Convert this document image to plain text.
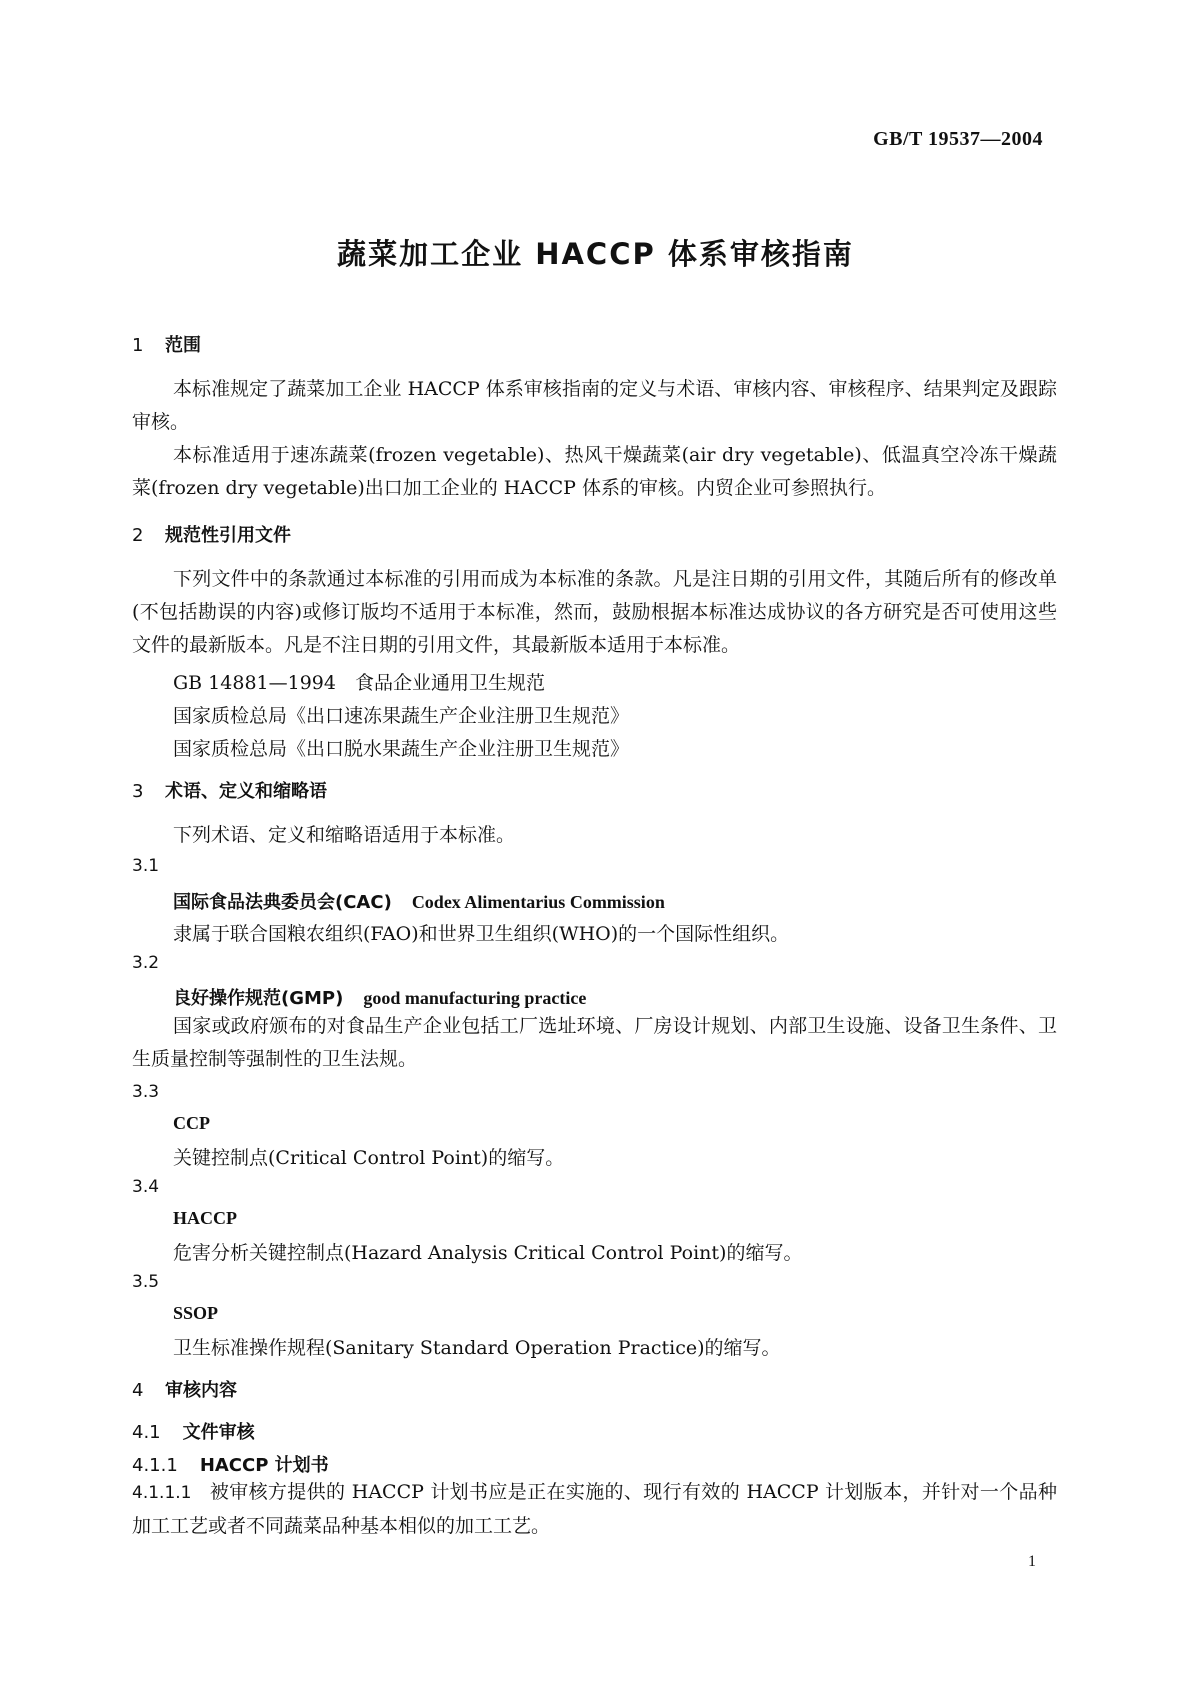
GB/T 19537—2004
蔬菜加工企业 HACCP 体系审核指南
1 范围
本标准规定了蔬菜加工企业 HACCP 体系审核指南的定义与术语、审核内容、审核程序、结果判定及跟踪审核。
本标准适用于速冻蔬菜(frozen vegetable)、热风干燥蔬菜(air dry vegetable)、低温真空冷冻干燥蔬菜(frozen dry vegetable)出口加工企业的 HACCP 体系的审核。内贸企业可参照执行。
2 规范性引用文件
下列文件中的条款通过本标准的引用而成为本标准的条款。凡是注日期的引用文件，其随后所有的修改单(不包括勘误的内容)或修订版均不适用于本标准，然而，鼓励根据本标准达成协议的各方研究是否可使用这些文件的最新版本。凡是不注日期的引用文件，其最新版本适用于本标准。
GB 14881—1994　食品企业通用卫生规范
国家质检总局《出口速冻果蔬生产企业注册卫生规范》
国家质检总局《出口脱水果蔬生产企业注册卫生规范》
3 术语、定义和缩略语
下列术语、定义和缩略语适用于本标准。
3.1
国际食品法典委员会(CAC) Codex Alimentarius Commission
隶属于联合国粮农组织(FAO)和世界卫生组织(WHO)的一个国际性组织。
3.2
良好操作规范(GMP) good manufacturing practice
国家或政府颁布的对食品生产企业包括工厂选址环境、厂房设计规划、内部卫生设施、设备卫生条件、卫生质量控制等强制性的卫生法规。
3.3
CCP
关键控制点(Critical Control Point)的缩写。
3.4
HACCP
危害分析关键控制点(Hazard Analysis Critical Control Point)的缩写。
3.5
SSOP
卫生标准操作规程(Sanitary Standard Operation Practice)的缩写。
4 审核内容
4.1 文件审核
4.1.1 HACCP 计划书
4.1.1.1 被审核方提供的 HACCP 计划书应是正在实施的、现行有效的 HACCP 计划版本，并针对一个品种加工工艺或者不同蔬菜品种基本相似的加工工艺。
1
